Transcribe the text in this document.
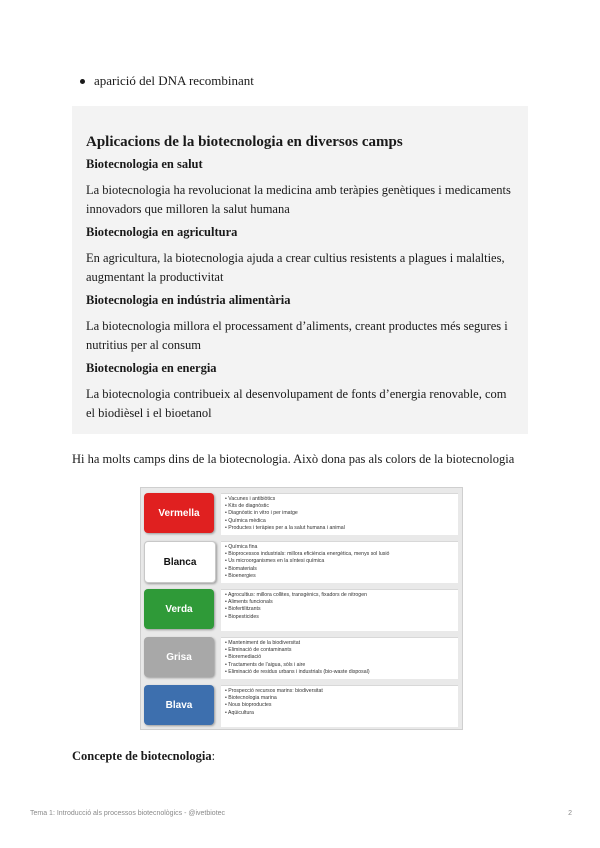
aparició del DNA recombinant
Aplicacions de la biotecnologia en diversos camps
Biotecnologia en salut

La biotecnologia ha revolucionat la medicina amb teràpies genètiques i medicaments innovadors que milloren la salut humana

Biotecnologia en agricultura

En agricultura, la biotecnologia ajuda a crear cultius resistents a plagues i malalties, augmentant la productivitat

Biotecnologia en indústria alimentària

La biotecnologia millora el processament d’aliments, creant productes més segures i nutritius per al consum

Biotecnologia en energia

La biotecnologia contribueix al desenvolupament de fonts d’energia renovable, com el biodièsel i el bioetanol

Hi ha molts camps dins de la biotecnologia. Això dona pas als colors de la biotecnologia
Vermella
• Vacunes i antibiòtics
• Kits de diagnòstic
• Diagnòstic in vitro i per imatge
• Química mèdica
• Productes i teràpies per a la salut humana i animal
Blanca
• Química fina
• Bioprocessos industrials: millora eficiència energètica, menys sol lusió
• Us microorganismes en la síntesi química
• Biomaterials
• Bioenergies
Verda
• Agrocultius: millora collites, transgènics, fixadors de nitrogen
• Aliments funcionals
• Biofertilitzants
• Biopesticides
Grisa
• Manteniment de la biodiversitat
• Eliminació de contaminants
• Bioremediació
• Tractaments de l’aigua, sòls i aire
• Eliminació de residus urbans i industrials (bio-waste disposal)
Blava
• Prospecció recursos marins: biodiversitat
• Biotecnologia marina
• Nous bioproductes
• Aqüicultura
Concepte de biotecnologia:
Tema 1: Introducció als processos biotecnològics - @ivetbiotec	2
